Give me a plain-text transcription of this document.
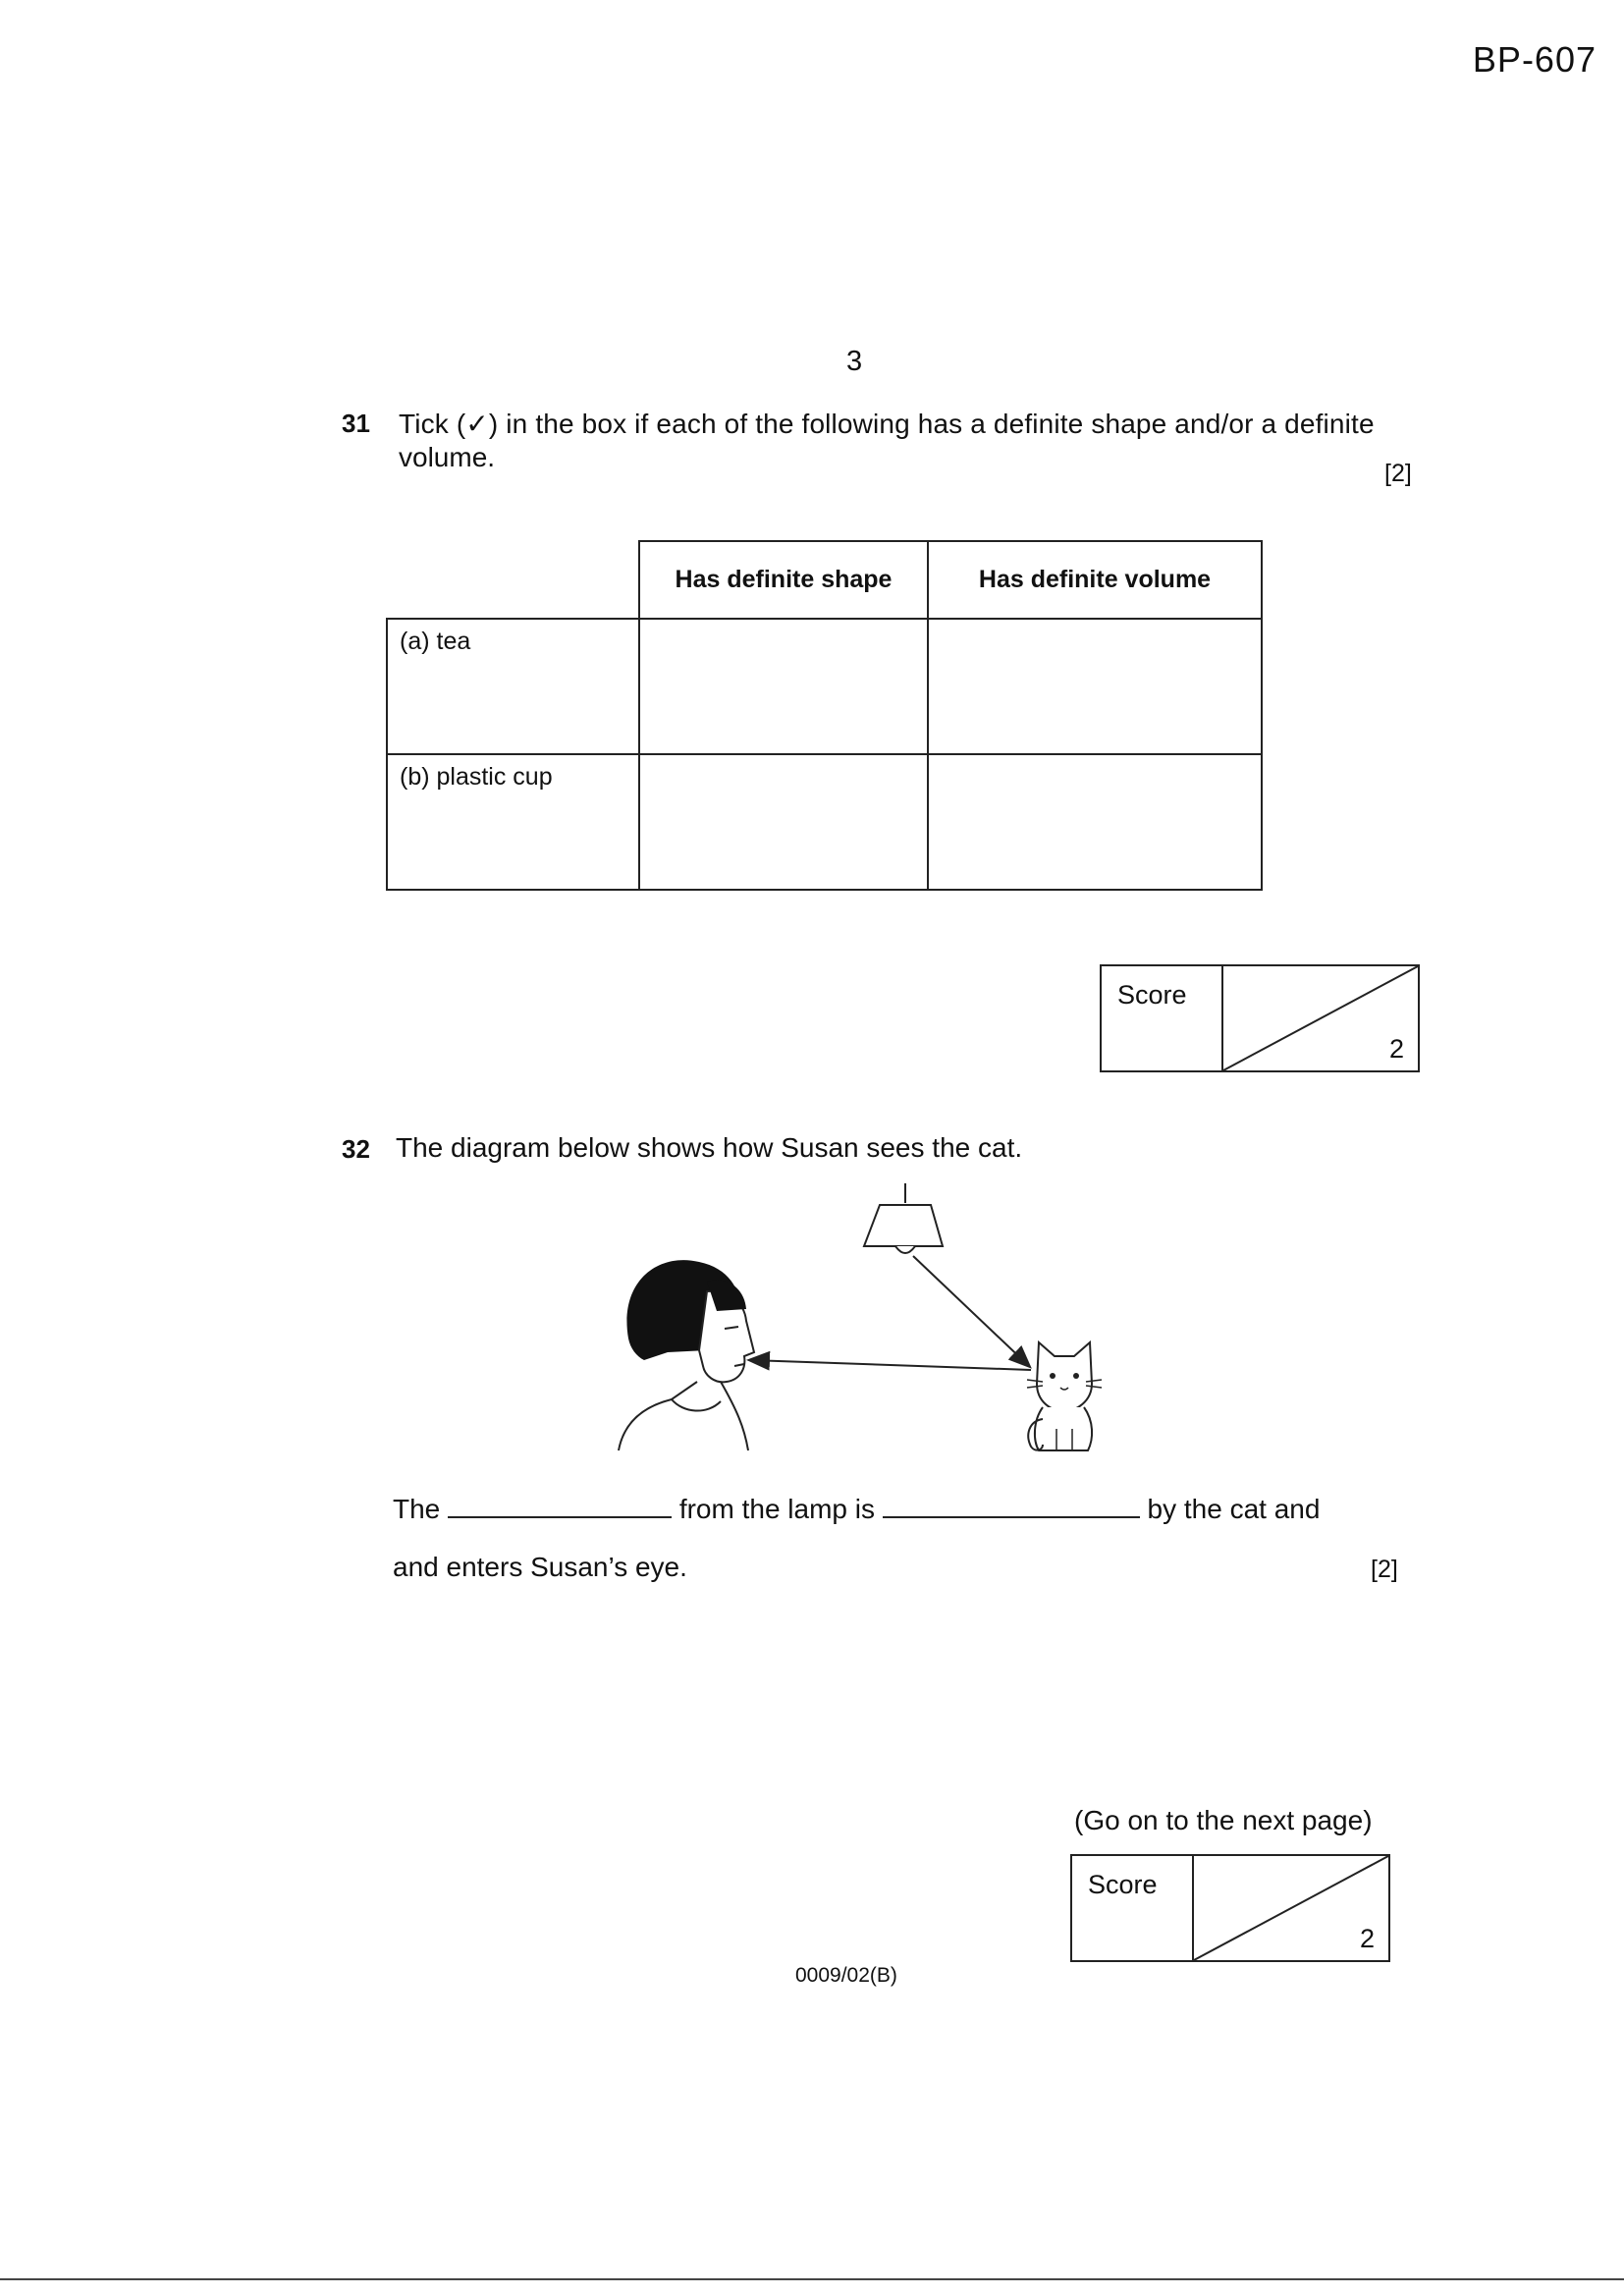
BP-607
3
31 Tick (✓) in the box if each of the following has a definite shape and/or a definite
volume.
[2]
	Has definite shape	Has definite volume
(a) tea		
(b) plastic cup		
Score
2
32 The diagram below shows how Susan sees the cat.
The	from the lamp is	by the cat and
and enters Susan’s eye.	[2]
(Go on to the next page)
Score
2
0009/02(B)
